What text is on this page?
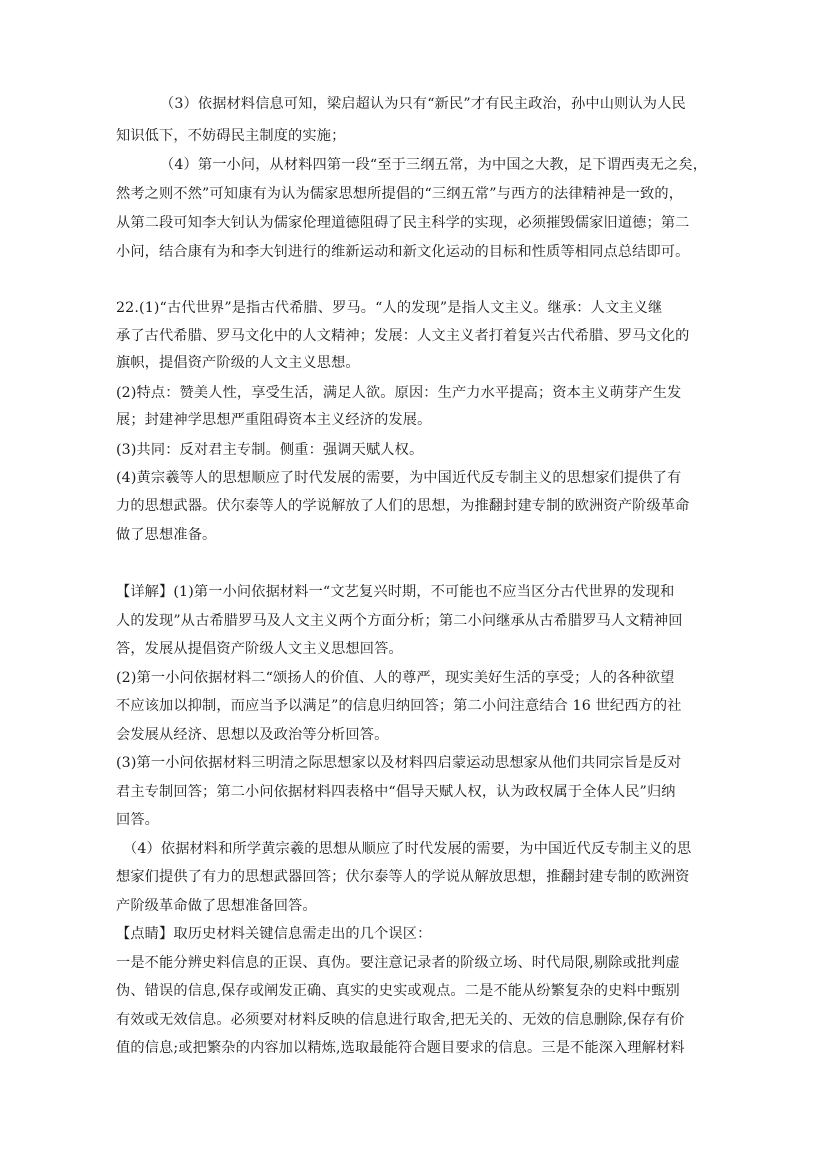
（3）依据材料信息可知，梁启超认为只有“新民”才有民主政治，孙中山则认为人民
知识低下，不妨碍民主制度的实施；
（4）第一小问，从材料四第一段“至于三纲五常，为中国之大教，足下谓西夷无之矣，
然考之则不然”可知康有为认为儒家思想所提倡的“三纲五常”与西方的法律精神是一致的，
从第二段可知李大钊认为儒家伦理道德阻碍了民主科学的实现，必须摧毁儒家旧道德；第二
小问，结合康有为和李大钊进行的维新运动和新文化运动的目标和性质等相同点总结即可。
22.(1)“古代世界”是指古代希腊、罗马。“人的发现”是指人文主义。继承：人文主义继
承了古代希腊、罗马文化中的人文精神；发展：人文主义者打着复兴古代希腊、罗马文化的
旗帜，提倡资产阶级的人文主义思想。
(2)特点：赞美人性，享受生活，满足人欲。原因：生产力水平提高；资本主义萌芽产生发
展；封建神学思想严重阻碍资本主义经济的发展。
(3)共同：反对君主专制。侧重：强调天赋人权。
(4)黄宗羲等人的思想顺应了时代发展的需要，为中国近代反专制主义的思想家们提供了有
力的思想武器。伏尔泰等人的学说解放了人们的思想，为推翻封建专制的欧洲资产阶级革命
做了思想准备。
【详解】(1)第一小问依据材料一“文艺复兴时期，不可能也不应当区分古代世界的发现和
人的发现”从古希腊罗马及人文主义两个方面分析；第二小问继承从古希腊罗马人文精神回
答，发展从提倡资产阶级人文主义思想回答。
(2)第一小问依据材料二“颂扬人的价值、人的尊严，现实美好生活的享受；人的各种欲望
不应该加以抑制，而应当予以满足”的信息归纳回答；第二小问注意结合 16 世纪西方的社
会发展从经济、思想以及政治等分析回答。
(3)第一小问依据材料三明清之际思想家以及材料四启蒙运动思想家从他们共同宗旨是反对
君主专制回答；第二小问依据材料四表格中“倡导天赋人权，认为政权属于全体人民”归纳
回答。
（4）依据材料和所学黄宗羲的思想从顺应了时代发展的需要，为中国近代反专制主义的思
想家们提供了有力的思想武器回答；伏尔泰等人的学说从解放思想，推翻封建专制的欧洲资
产阶级革命做了思想准备回答。
【点睛】取历史材料关键信息需走出的几个误区：
一是不能分辨史料信息的正误、真伪。要注意记录者的阶级立场、时代局限,剔除或批判虚
伪、错误的信息,保存或阐发正确、真实的史实或观点。二是不能从纷繁复杂的史料中甄别
有效或无效信息。必须要对材料反映的信息进行取舍,把无关的、无效的信息删除,保存有价
值的信息;或把繁杂的内容加以精炼,选取最能符合题目要求的信息。三是不能深入理解材料
